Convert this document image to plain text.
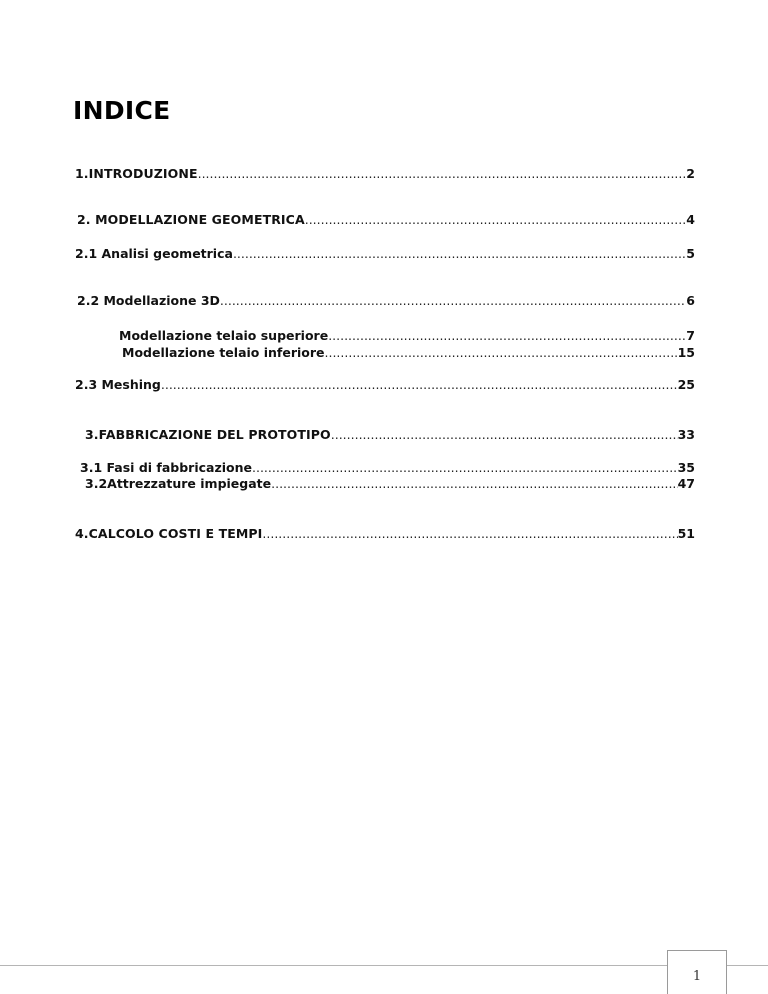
INDICE
1.INTRODUZIONE .....	2
2. MODELLAZIONE GEOMETRICA .....	4
2.1 Analisi geometrica .....	5
2.2 Modellazione 3D .....	6
Modellazione telaio superiore .....	7
Modellazione telaio inferiore .....	15
2.3 Meshing .....	25
3.FABBRICAZIONE DEL PROTOTIPO .....	33
3.1 Fasi di fabbricazione .....	35
3.2Attrezzature impiegate .....	47
4.CALCOLO COSTI E TEMPI .....	51
1
